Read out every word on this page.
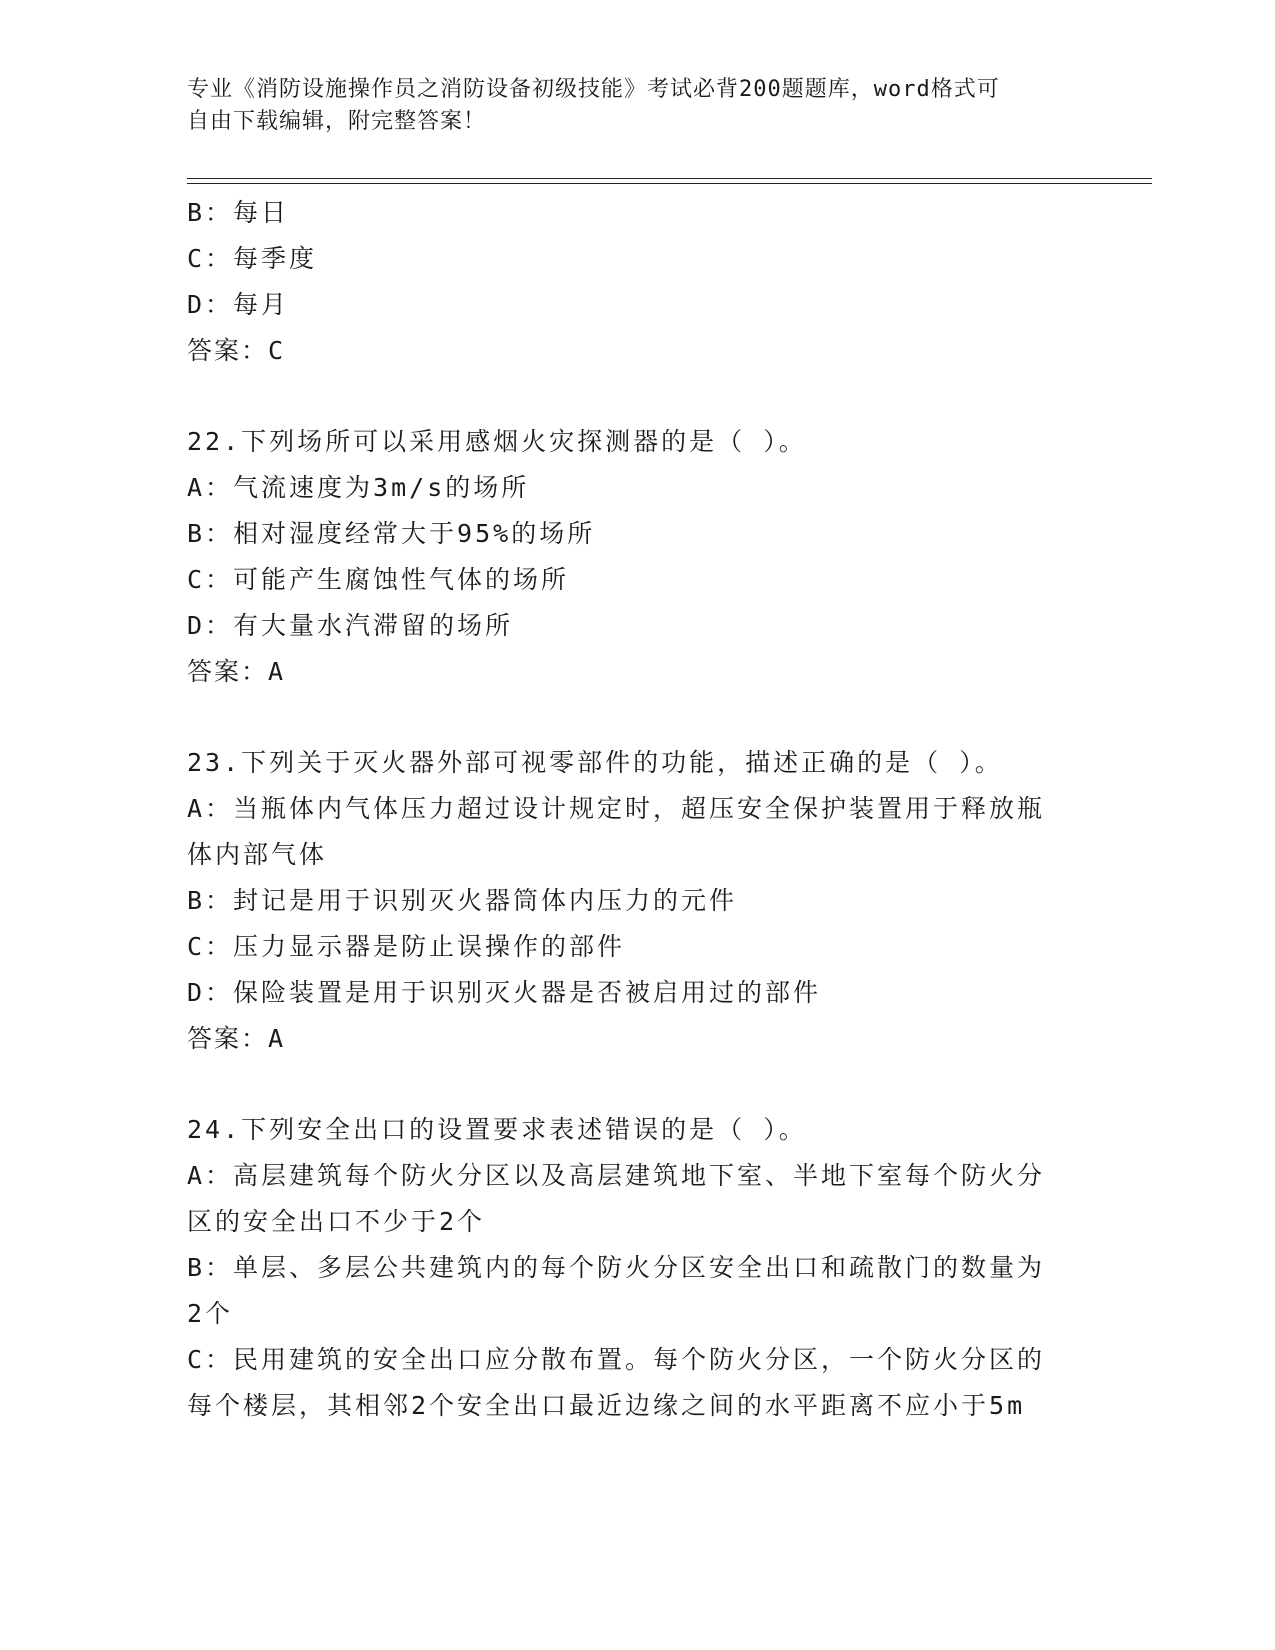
专业《消防设施操作员之消防设备初级技能》考试必背200题题库，word格式可
自由下载编辑，附完整答案！
B：每日
C：每季度
D：每月
答案：C
22.下列场所可以采用感烟火灾探测器的是（ ）。
A：气流速度为3m/s的场所
B：相对湿度经常大于95%的场所
C：可能产生腐蚀性气体的场所
D：有大量水汽滞留的场所
答案：A
23.下列关于灭火器外部可视零部件的功能，描述正确的是（ ）。
A：当瓶体内气体压力超过设计规定时，超压安全保护装置用于释放瓶
体内部气体
B：封记是用于识别灭火器筒体内压力的元件
C：压力显示器是防止误操作的部件
D：保险装置是用于识别灭火器是否被启用过的部件
答案：A
24.下列安全出口的设置要求表述错误的是（ ）。
A：高层建筑每个防火分区以及高层建筑地下室、半地下室每个防火分
区的安全出口不少于2个
B：单层、多层公共建筑内的每个防火分区安全出口和疏散门的数量为
2个
C：民用建筑的安全出口应分散布置。每个防火分区，一个防火分区的
每个楼层，其相邻2个安全出口最近边缘之间的水平距离不应小于5m
